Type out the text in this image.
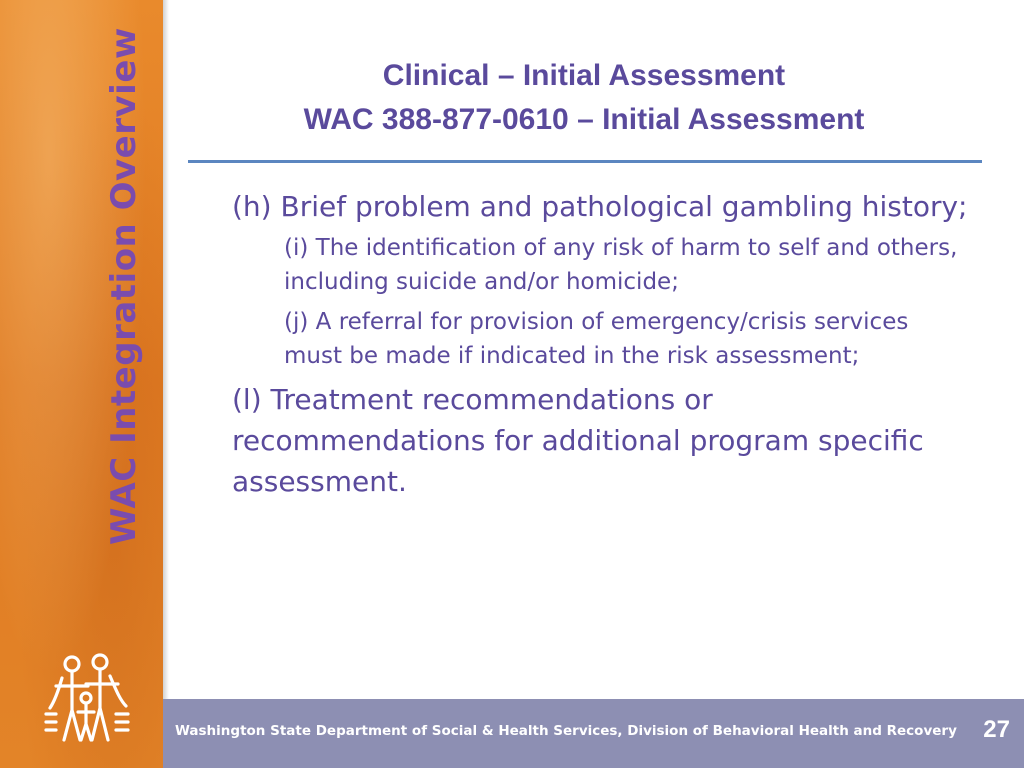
WAC Integration Overview	Clinical – Initial Assessment
WAC 388-877-0610 – Initial Assessment

(h) Brief problem and pathological gambling history;

(i) The identification of any risk of harm to self and others, including suicide and/or homicide;

(j) A referral for provision of emergency/crisis services must be made if indicated in the risk assessment;

(l) Treatment recommendations or recommendations for additional program specific assessment.

Washington State Department of Social & Health Services, Division of Behavioral Health and Recovery 27
